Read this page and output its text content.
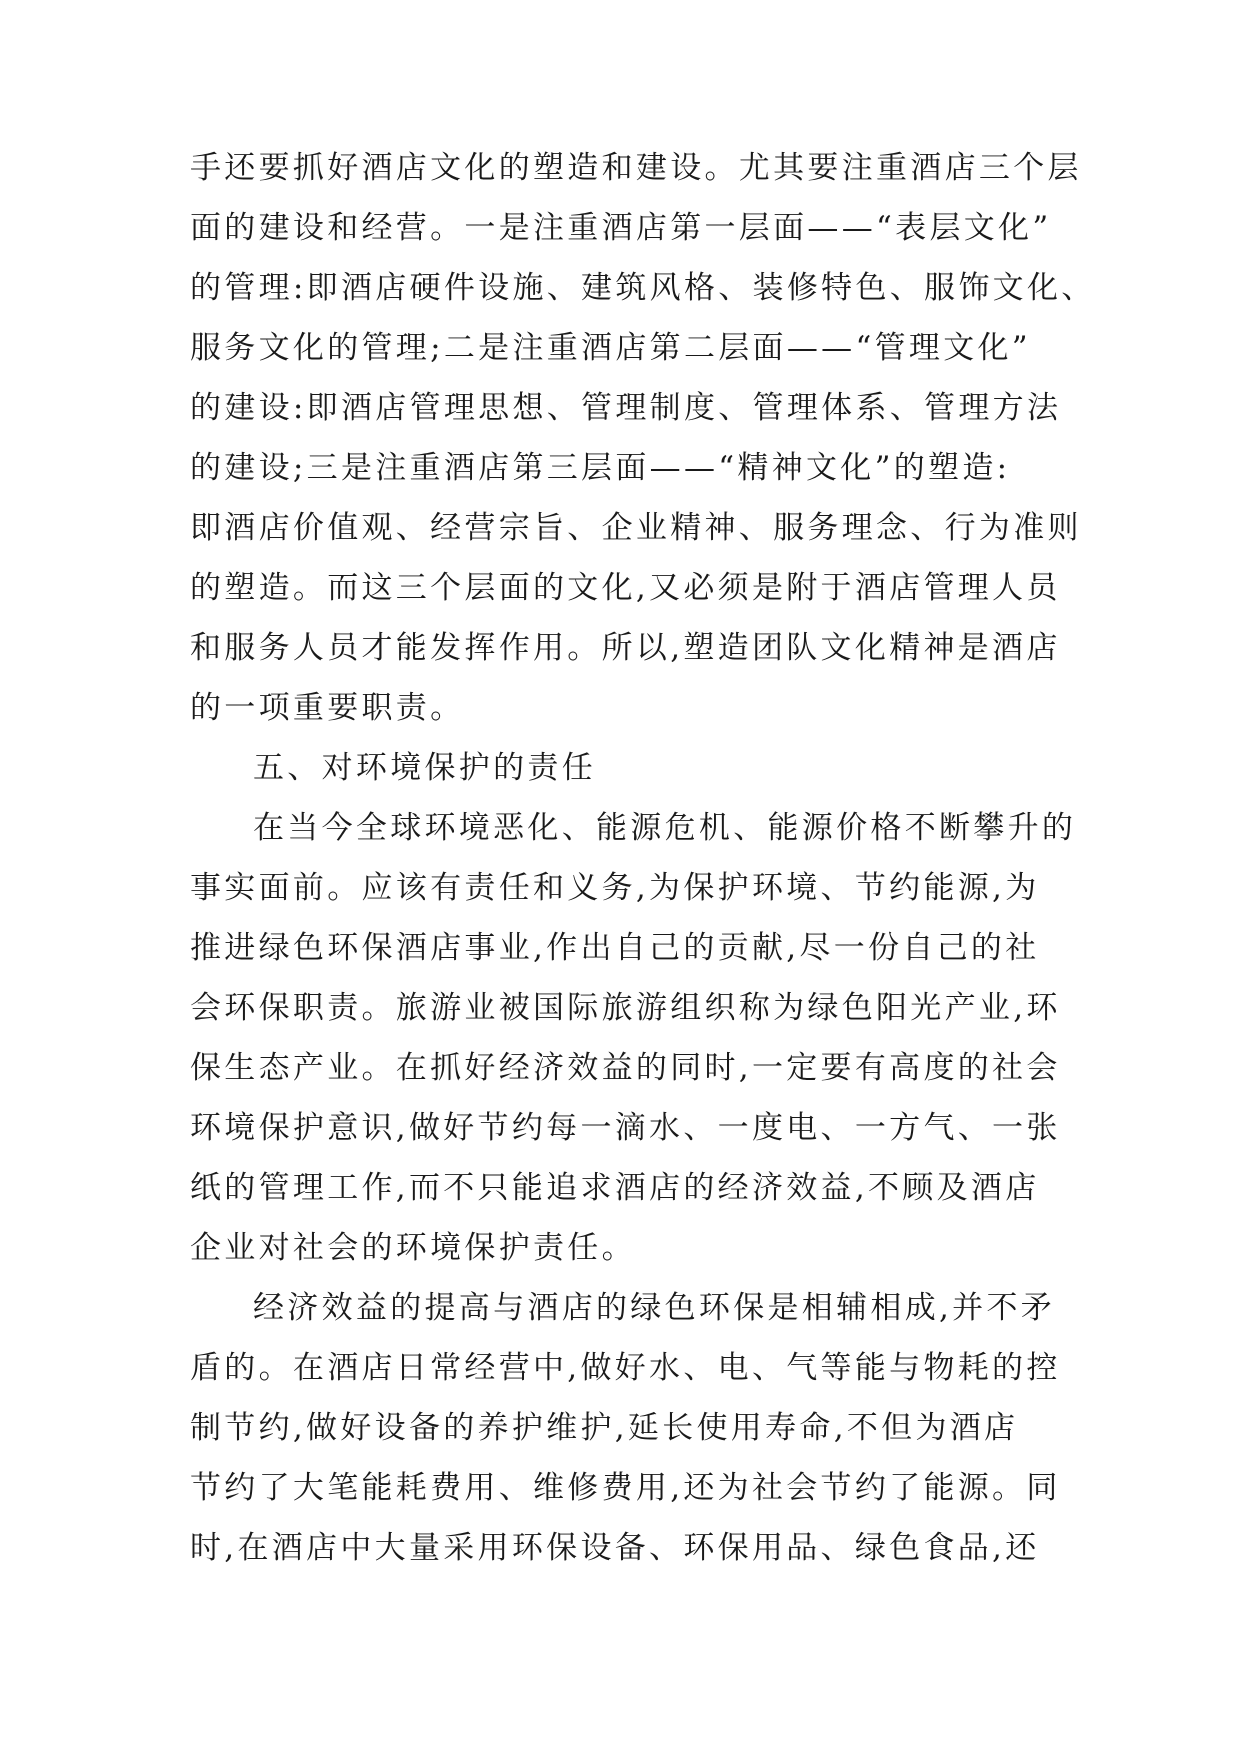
手还要抓好酒店文化的塑造和建设。尤其要注重酒店三个层
面的建设和经营。一是注重酒店第一层面——“表层文化”
的管理:即酒店硬件设施、建筑风格、装修特色、服饰文化、
服务文化的管理;二是注重酒店第二层面——“管理文化”
的建设:即酒店管理思想、管理制度、管理体系、管理方法
的建设;三是注重酒店第三层面——“精神文化”的塑造:
即酒店价值观、经营宗旨、企业精神、服务理念、行为准则
的塑造。而这三个层面的文化,又必须是附于酒店管理人员
和服务人员才能发挥作用。所以,塑造团队文化精神是酒店
的一项重要职责。
五、对环境保护的责任
在当今全球环境恶化、能源危机、能源价格不断攀升的
事实面前。应该有责任和义务,为保护环境、节约能源,为
推进绿色环保酒店事业,作出自己的贡献,尽一份自己的社
会环保职责。旅游业被国际旅游组织称为绿色阳光产业,环
保生态产业。在抓好经济效益的同时,一定要有高度的社会
环境保护意识,做好节约每一滴水、一度电、一方气、一张
纸的管理工作,而不只能追求酒店的经济效益,不顾及酒店
企业对社会的环境保护责任。
经济效益的提高与酒店的绿色环保是相辅相成,并不矛
盾的。在酒店日常经营中,做好水、电、气等能与物耗的控
制节约,做好设备的养护维护,延长使用寿命,不但为酒店
节约了大笔能耗费用、维修费用,还为社会节约了能源。同
时,在酒店中大量采用环保设备、环保用品、绿色食品,还
